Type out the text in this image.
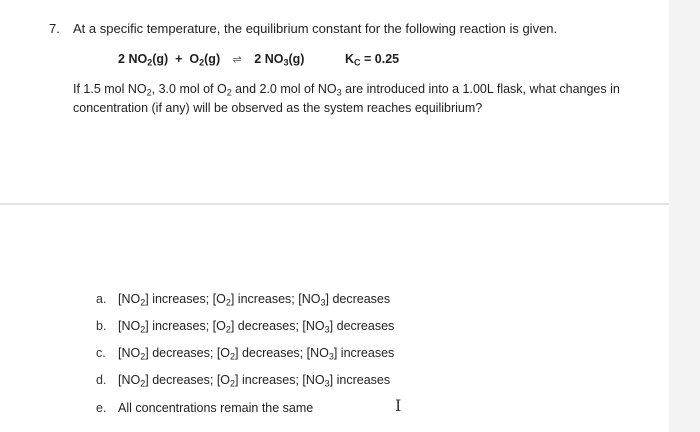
7. At a specific temperature, the equilibrium constant for the following reaction is given.
2 $NO_2(g) + O_2(g)$ ⇌ 2 $NO_3(g)$	$K_C = 0.25$
If 1.5 mol $NO_2$, 3.0 mol of $O_2$ and 2.0 mol of $NO_3$ are introduced into a 1.00L flask, what changes in concentration (if any) will be observed as the system reaches equilibrium?
a. $[NO_2]$ increases; $[O_2]$ increases; $[NO_3]$ decreases
b. $[NO_2]$ increases; $[O_2]$ decreases; $[NO_3]$ decreases
c. $[NO_2]$ decreases; $[O_2]$ decreases; $[NO_3]$ increases
d. $[NO_2]$ decreases; $[O_2]$ increases; $[NO_3]$ increases
e. All concentrations remain the same	I
